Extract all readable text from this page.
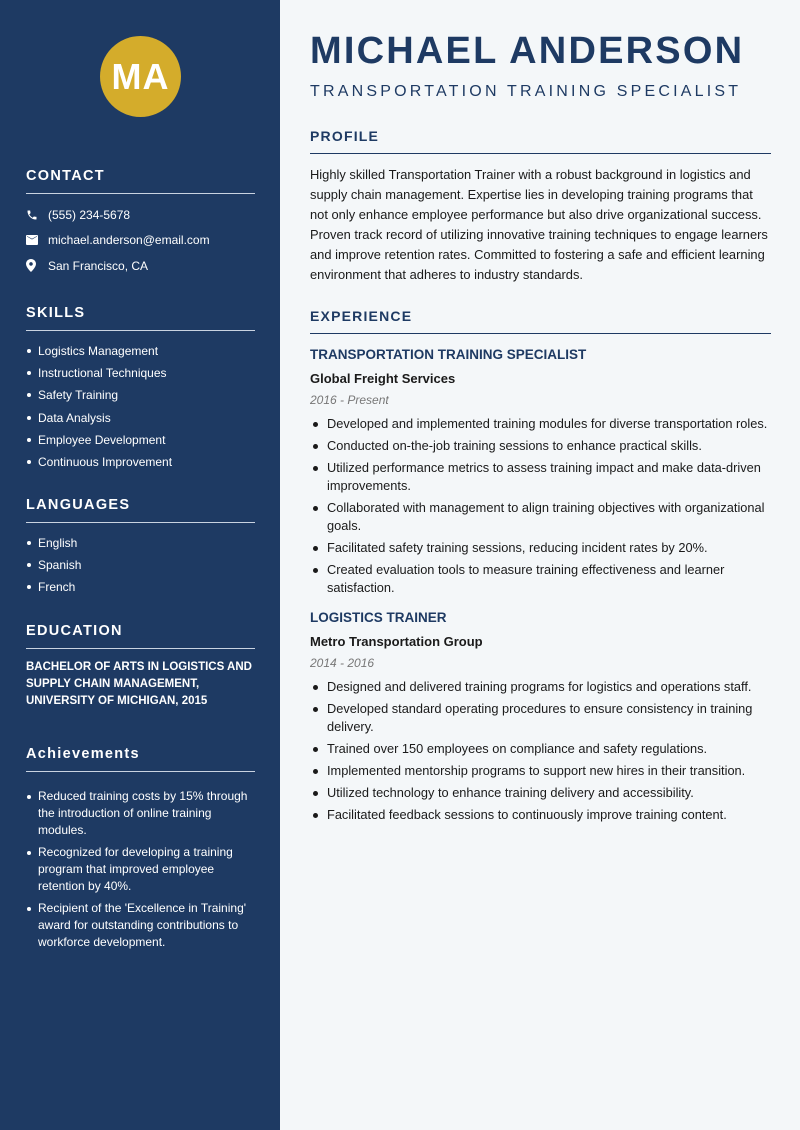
MA
CONTACT
(555) 234-5678
michael.anderson@email.com
San Francisco, CA
SKILLS
Logistics Management
Instructional Techniques
Safety Training
Data Analysis
Employee Development
Continuous Improvement
LANGUAGES
English
Spanish
French
EDUCATION

BACHELOR OF ARTS IN LOGISTICS AND SUPPLY CHAIN MANAGEMENT, UNIVERSITY OF MICHIGAN, 2015

Achievements
Reduced training costs by 15% through the introduction of online training modules.
Recognized for developing a training program that improved employee retention by 40%.
Recipient of the 'Excellence in Training' award for outstanding contributions to workforce development.
MICHAEL ANDERSON
TRANSPORTATION TRAINING SPECIALIST
PROFILE

Highly skilled Transportation Trainer with a robust background in logistics and supply chain management. Expertise lies in developing training programs that not only enhance employee performance but also drive organizational success. Proven track record of utilizing innovative training techniques to engage learners and improve retention rates. Committed to fostering a safe and efficient learning environment that adheres to industry standards.

EXPERIENCE
TRANSPORTATION TRAINING SPECIALIST
Global Freight Services
2016 - Present
Developed and implemented training modules for diverse transportation roles.
Conducted on-the-job training sessions to enhance practical skills.
Utilized performance metrics to assess training impact and make data-driven improvements.
Collaborated with management to align training objectives with organizational goals.
Facilitated safety training sessions, reducing incident rates by 20%.
Created evaluation tools to measure training effectiveness and learner satisfaction.
LOGISTICS TRAINER
Metro Transportation Group
2014 - 2016
Designed and delivered training programs for logistics and operations staff.
Developed standard operating procedures to ensure consistency in training delivery.
Trained over 150 employees on compliance and safety regulations.
Implemented mentorship programs to support new hires in their transition.
Utilized technology to enhance training delivery and accessibility.
Facilitated feedback sessions to continuously improve training content.
